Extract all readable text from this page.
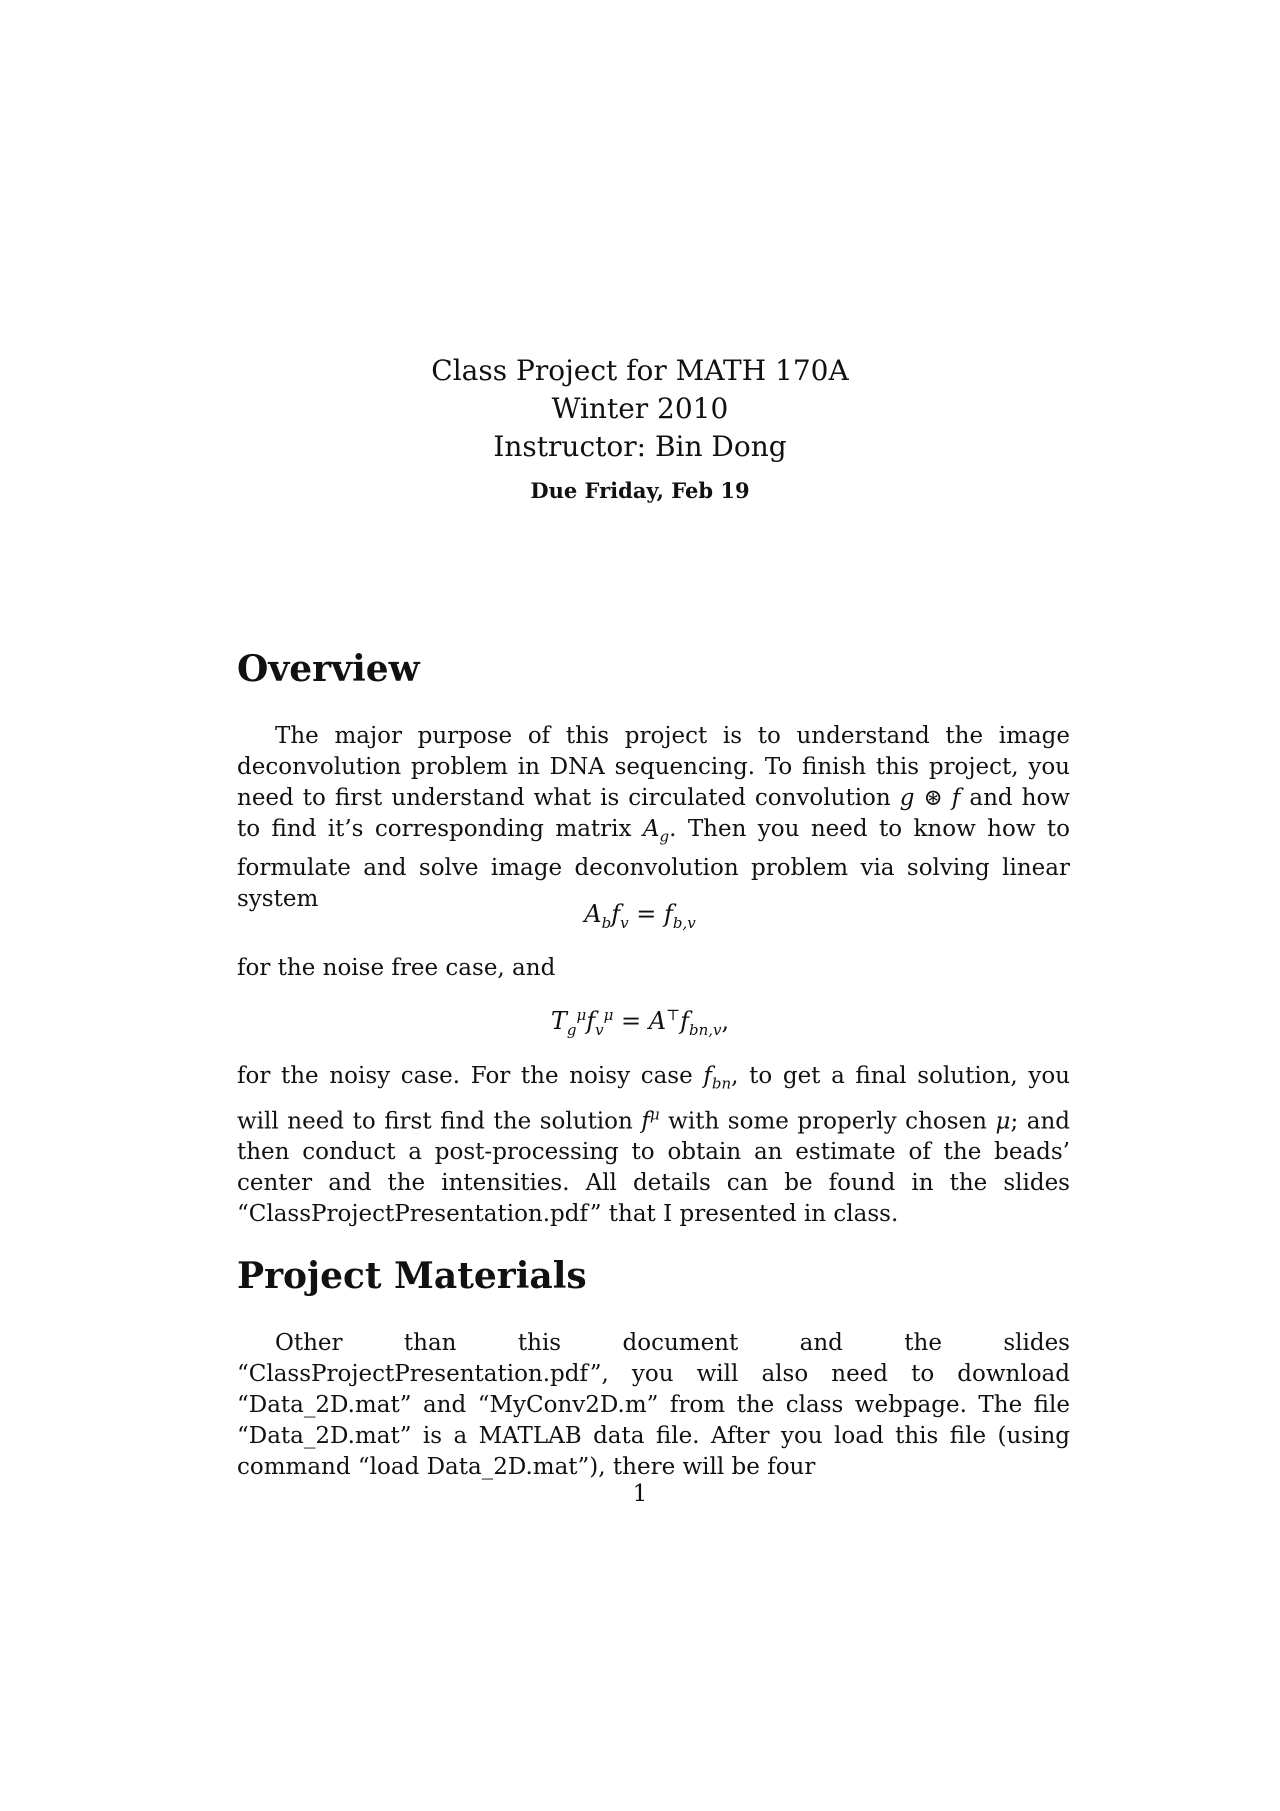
Class Project for MATH 170A
Winter 2010
Instructor: Bin Dong
Due Friday, Feb 19
Overview

The major purpose of this project is to understand the image deconvolution problem in DNA sequencing. To finish this project, you need to first understand what is circulated convolution g ⊛ f and how to find it’s corresponding matrix $A_g$. Then you need to know how to formulate and solve image deconvolution problem via solving linear system

$A_bf_v = f_{b,v}$

for the noise free case, and

$T_g^\mu f_v^\mu = A^⊤f_{bn,v}$,

for the noisy case. For the noisy case $f_{bn}$, to get a final solution, you will need to first find the solution $f^\mu$ with some properly chosen μ; and then conduct a post-processing to obtain an estimate of the beads’ center and the intensities. All details can be found in the slides “ClassProjectPresentation.pdf” that I presented in class.

Project Materials

Other than this document and the slides “ClassProjectPresentation.pdf”, you will also need to download “Data_2D.mat” and “MyConv2D.m” from the class webpage. The file “Data_2D.mat” is a MATLAB data file. After you load this file (using command “load Data_2D.mat”), there will be four

1
